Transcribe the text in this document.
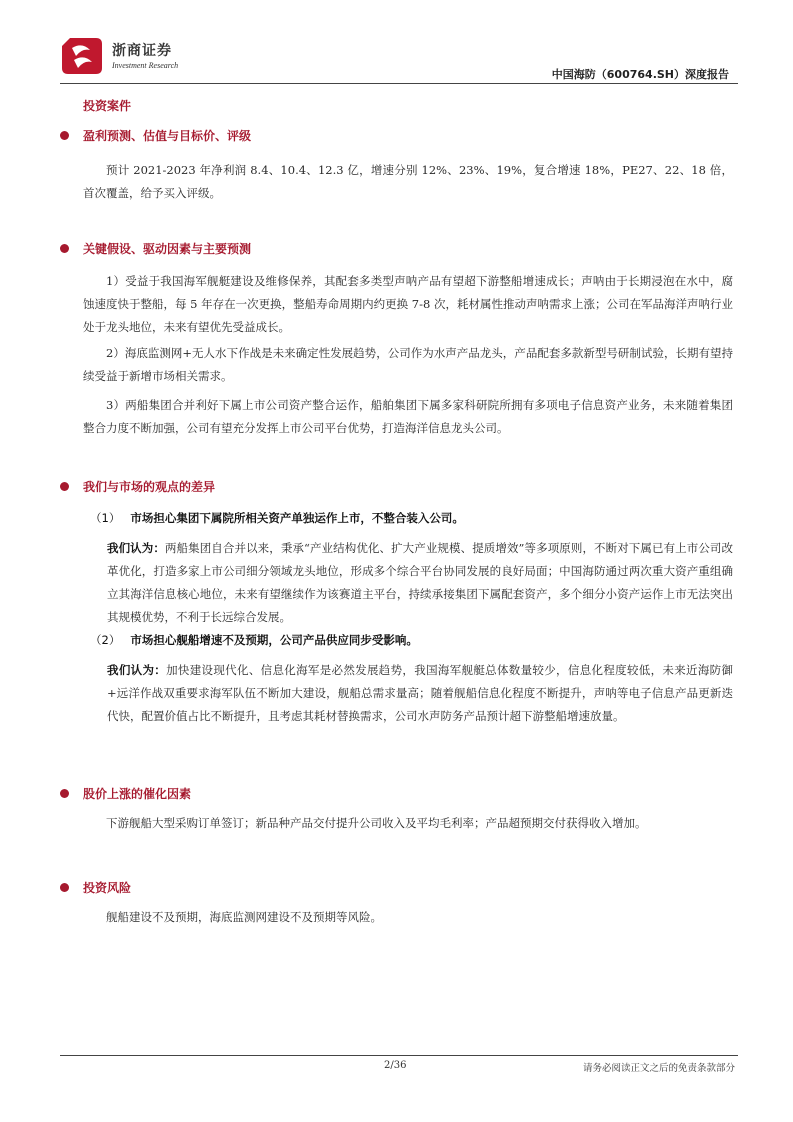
浙商证券
Investment Research
中国海防（600764.SH）深度报告
投资案件
盈利预测、估值与目标价、评级
预计 2021-2023 年净利润 8.4、10.4、12.3 亿，增速分别 12%、23%、19%，复合增速 18%，PE27、22、18 倍，首次覆盖，给予买入评级。
关键假设、驱动因素与主要预测
1）受益于我国海军舰艇建设及维修保养，其配套多类型声呐产品有望超下游整船增速成长；声呐由于长期浸泡在水中，腐蚀速度快于整船，每 5 年存在一次更换，整船寿命周期内约更换 7-8 次，耗材属性推动声呐需求上涨；公司在军品海洋声呐行业处于龙头地位，未来有望优先受益成长。
2）海底监测网+无人水下作战是未来确定性发展趋势，公司作为水声产品龙头，产品配套多款新型号研制试验，长期有望持续受益于新增市场相关需求。
3）两船集团合并利好下属上市公司资产整合运作，船舶集团下属多家科研院所拥有多项电子信息资产业务，未来随着集团整合力度不断加强，公司有望充分发挥上市公司平台优势，打造海洋信息龙头公司。
我们与市场的观点的差异
（1） 市场担心集团下属院所相关资产单独运作上市，不整合装入公司。
我们认为：两船集团自合并以来，秉承“产业结构优化、扩大产业规模、提质增效”等多项原则，不断对下属已有上市公司改革优化，打造多家上市公司细分领域龙头地位，形成多个综合平台协同发展的良好局面；中国海防通过两次重大资产重组确立其海洋信息核心地位，未来有望继续作为该赛道主平台，持续承接集团下属配套资产，多个细分小资产运作上市无法突出其规模优势，不利于长远综合发展。
（2） 市场担心舰船增速不及预期，公司产品供应同步受影响。
我们认为：加快建设现代化、信息化海军是必然发展趋势，我国海军舰艇总体数量较少，信息化程度较低，未来近海防御+远洋作战双重要求海军队伍不断加大建设，舰船总需求量高；随着舰船信息化程度不断提升，声呐等电子信息产品更新迭代快，配置价值占比不断提升，且考虑其耗材替换需求，公司水声防务产品预计超下游整船增速放量。
股价上涨的催化因素
下游舰船大型采购订单签订；新品种产品交付提升公司收入及平均毛利率；产品超预期交付获得收入增加。
投资风险
舰船建设不及预期，海底监测网建设不及预期等风险。
2/36	请务必阅读正文之后的免责条款部分
